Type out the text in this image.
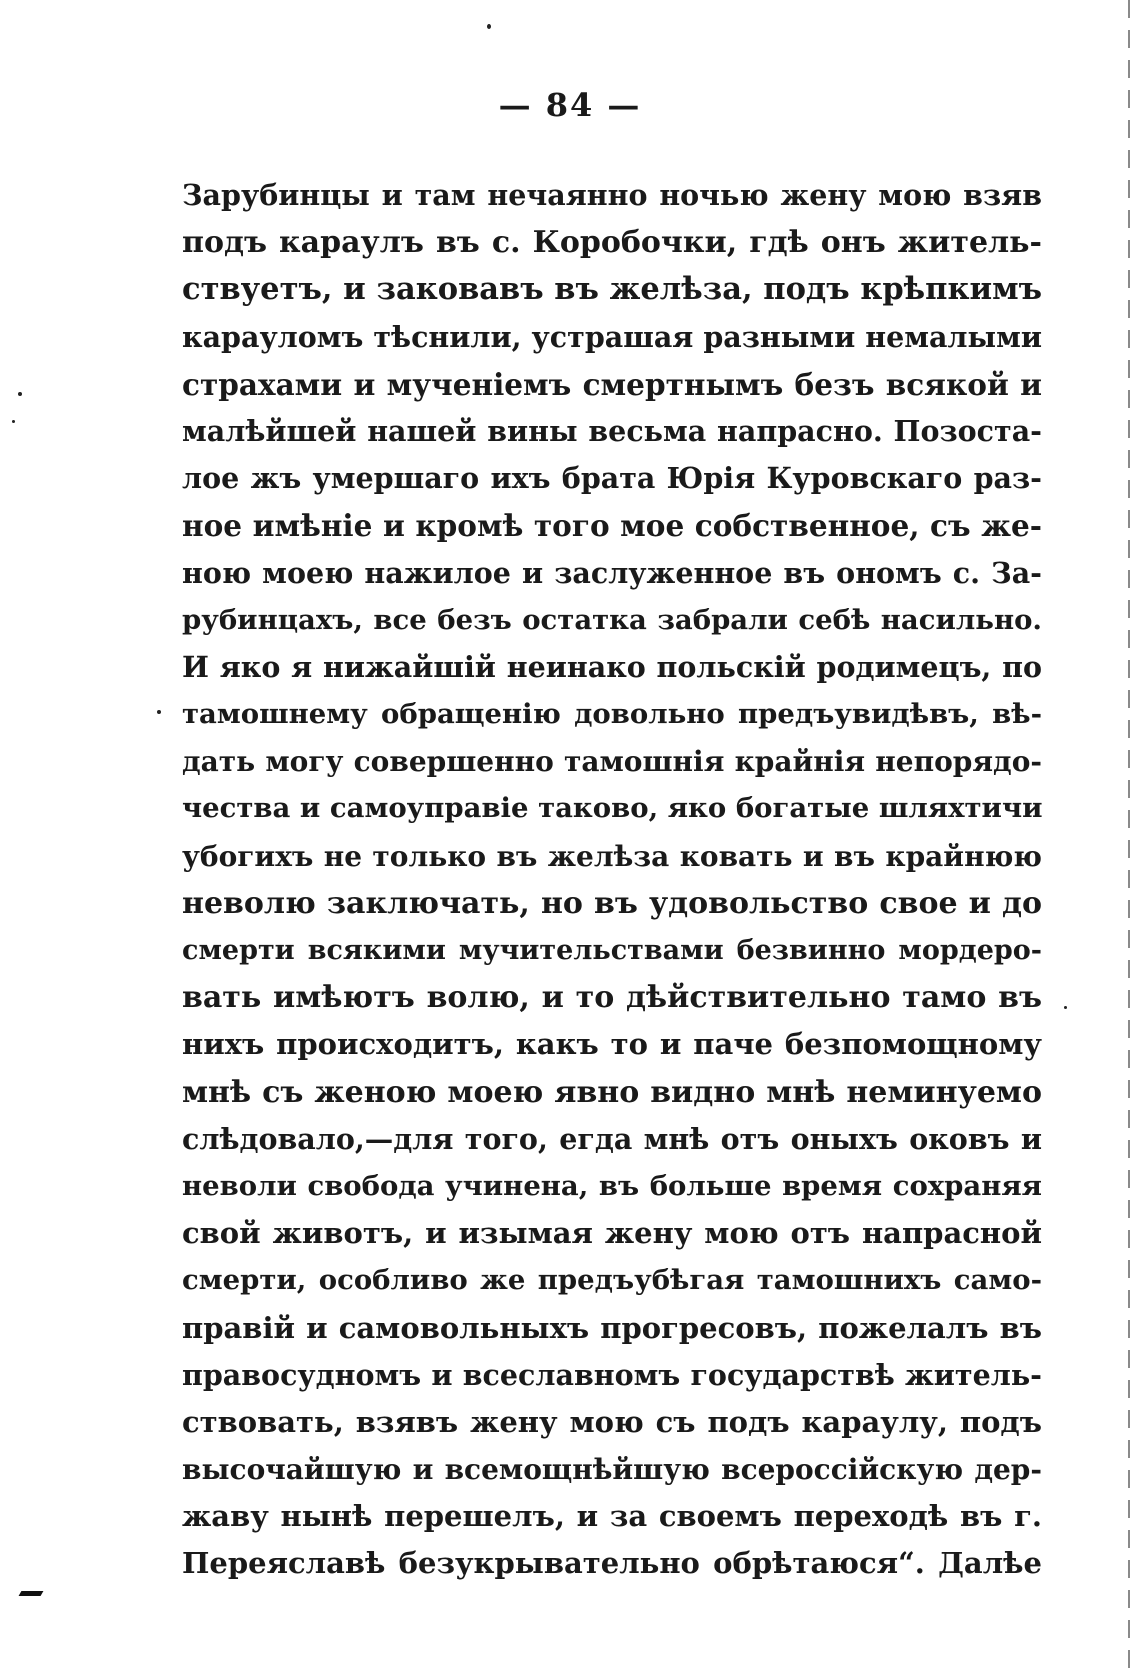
— 84 —
Зарубинцы и там нечаянно ночью жену мою взяв
подъ караулъ въ с. Коробочки, гдѣ онъ житель-
ствуетъ, и заковавъ въ желѣза, подъ крѣпкимъ
карауломъ тѣснили, устрашая разными немалыми
страхами и мученіемъ смертнымъ безъ всякой и
малѣйшей нашей вины весьма напрасно. Позоста-
лое жъ умершаго ихъ брата Юрія Куровскаго раз-
ное имѣніе и кромѣ того мое собственное, съ же-
ною моею нажилое и заслуженное въ ономъ с. За-
рубинцахъ, все безъ остатка забрали себѣ насильно.
И яко я нижайшій неинако польскій родимецъ, по
тамошнему обращенію довольно предъувидѣвъ, вѣ-
дать могу совершенно тамошнія крайнія непорядо-
чества и самоуправіе таково, яко богатые шляхтичи
убогихъ не только въ желѣза ковать и въ крайнюю
неволю заключать, но въ удовольство свое и до
смерти всякими мучительствами безвинно мордеро-
вать имѣютъ волю, и то дѣйствительно тамо въ
нихъ происходитъ, какъ то и паче безпомощному
мнѣ съ женою моею явно видно мнѣ неминуемо
слѣдовало,—для того, егда мнѣ отъ оныхъ оковъ и
неволи свобода учинена, въ больше время сохраняя
свой животъ, и изымая жену мою отъ напрасной
смерти, особливо же предъубѣгая тамошнихъ само-
правій и самовольныхъ прогресовъ, пожелалъ въ
правосудномъ и всеславномъ государствѣ житель-
ствовать, взявъ жену мою съ подъ караулу, подъ
высочайшую и всемощнѣйшую всероссійскую дер-
жаву нынѣ перешелъ, и за своемъ переходѣ въ г.
Переяславѣ безукрывательно обрѣтаюся“. Далѣе
